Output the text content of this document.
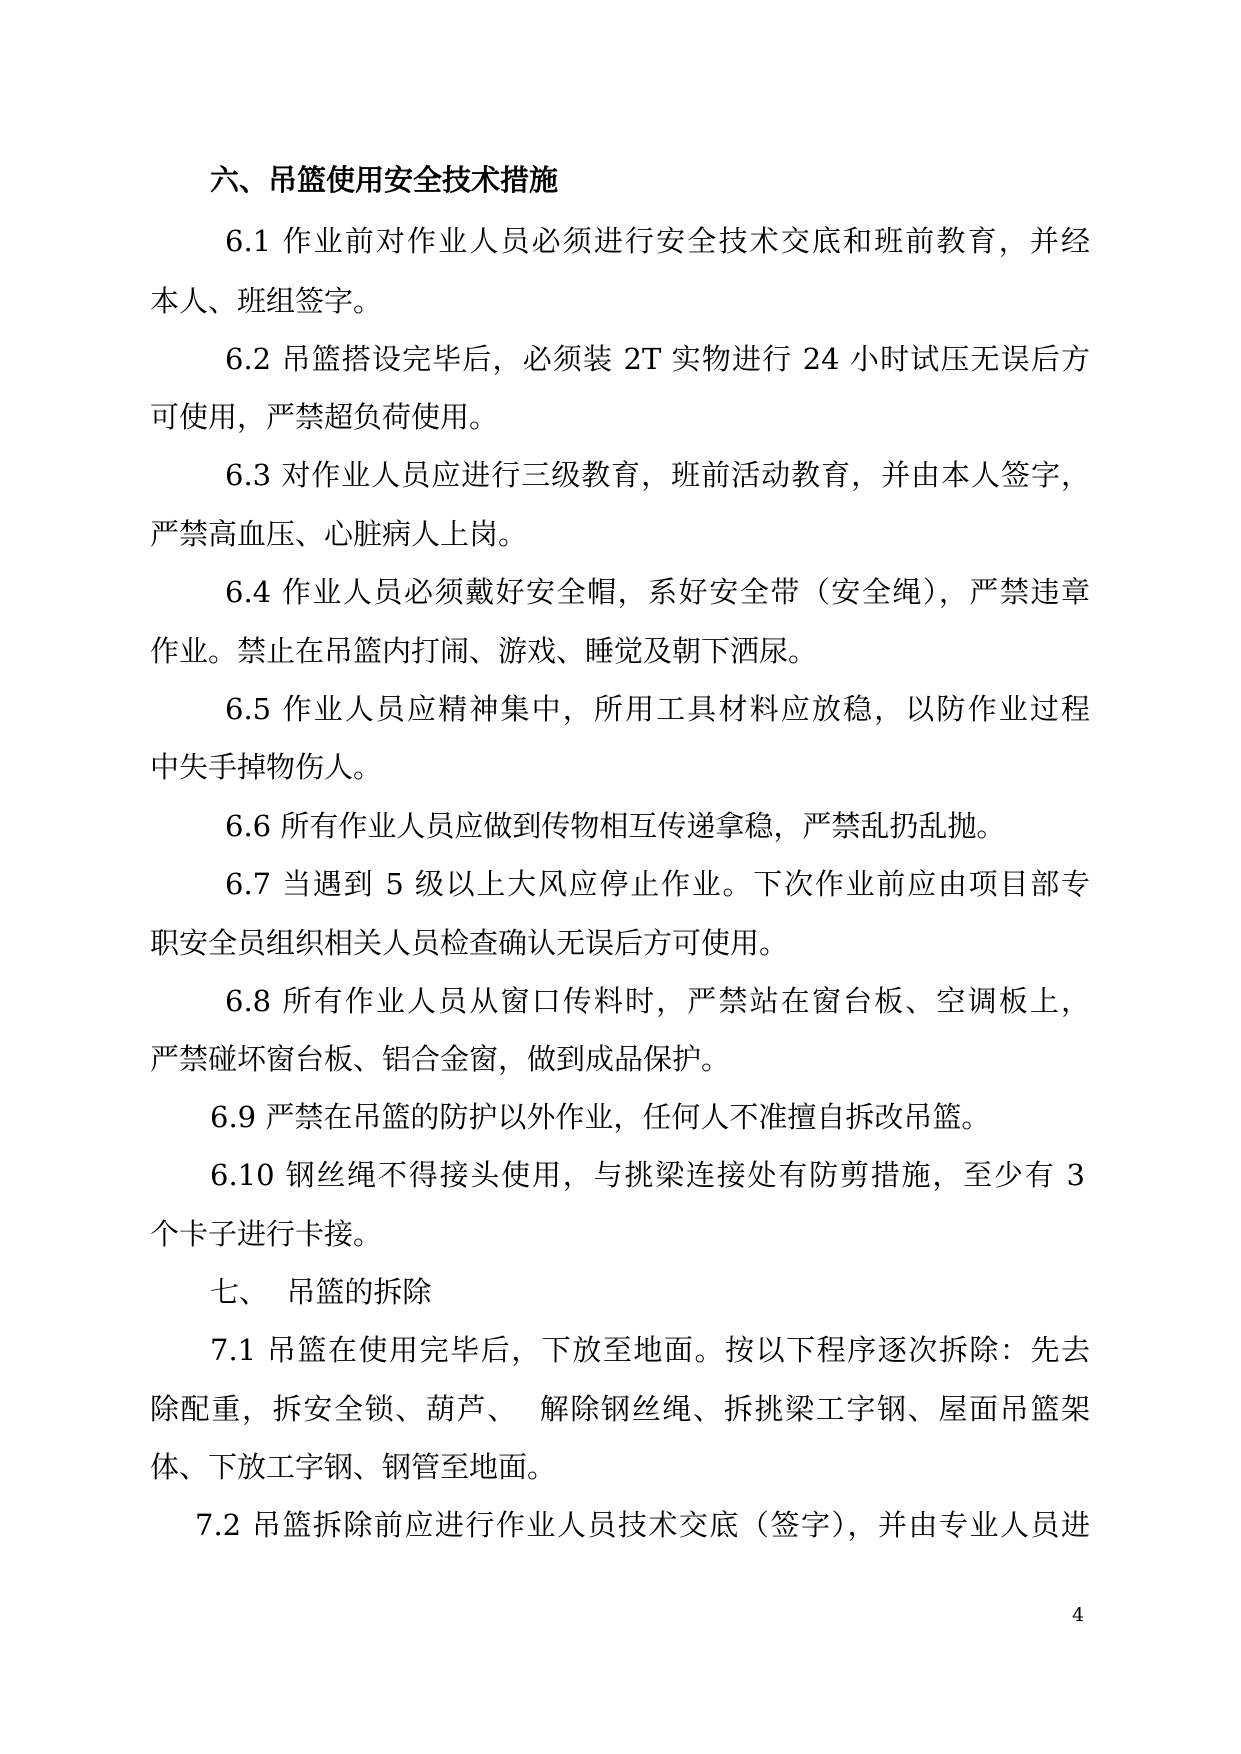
六、吊篮使用安全技术措施
6.1 作业前对作业人员必须进行安全技术交底和班前教育，并经
本人、班组签字。
6.2 吊篮搭设完毕后，必须装 2T 实物进行 24 小时试压无误后方
可使用，严禁超负荷使用。
6.3 对作业人员应进行三级教育，班前活动教育，并由本人签字，
严禁高血压、心脏病人上岗。
6.4 作业人员必须戴好安全帽，系好安全带（安全绳），严禁违章
作业。禁止在吊篮内打闹、游戏、睡觉及朝下洒尿。
6.5 作业人员应精神集中，所用工具材料应放稳，以防作业过程
中失手掉物伤人。
6.6 所有作业人员应做到传物相互传递拿稳，严禁乱扔乱抛。
6.7 当遇到 5 级以上大风应停止作业。下次作业前应由项目部专
职安全员组织相关人员检查确认无误后方可使用。
6.8 所有作业人员从窗口传料时，严禁站在窗台板、空调板上，
严禁碰坏窗台板、铝合金窗，做到成品保护。
6.9 严禁在吊篮的防护以外作业，任何人不准擅自拆改吊篮。
6.10 钢丝绳不得接头使用，与挑梁连接处有防剪措施，至少有 3
个卡子进行卡接。
七、  吊篮的拆除
7.1 吊篮在使用完毕后，下放至地面。按以下程序逐次拆除：先去
除配重，拆安全锁、葫芦、  解除钢丝绳、拆挑梁工字钢、屋面吊篮架
体、下放工字钢、钢管至地面。
7.2 吊篮拆除前应进行作业人员技术交底（签字），并由专业人员进
4
